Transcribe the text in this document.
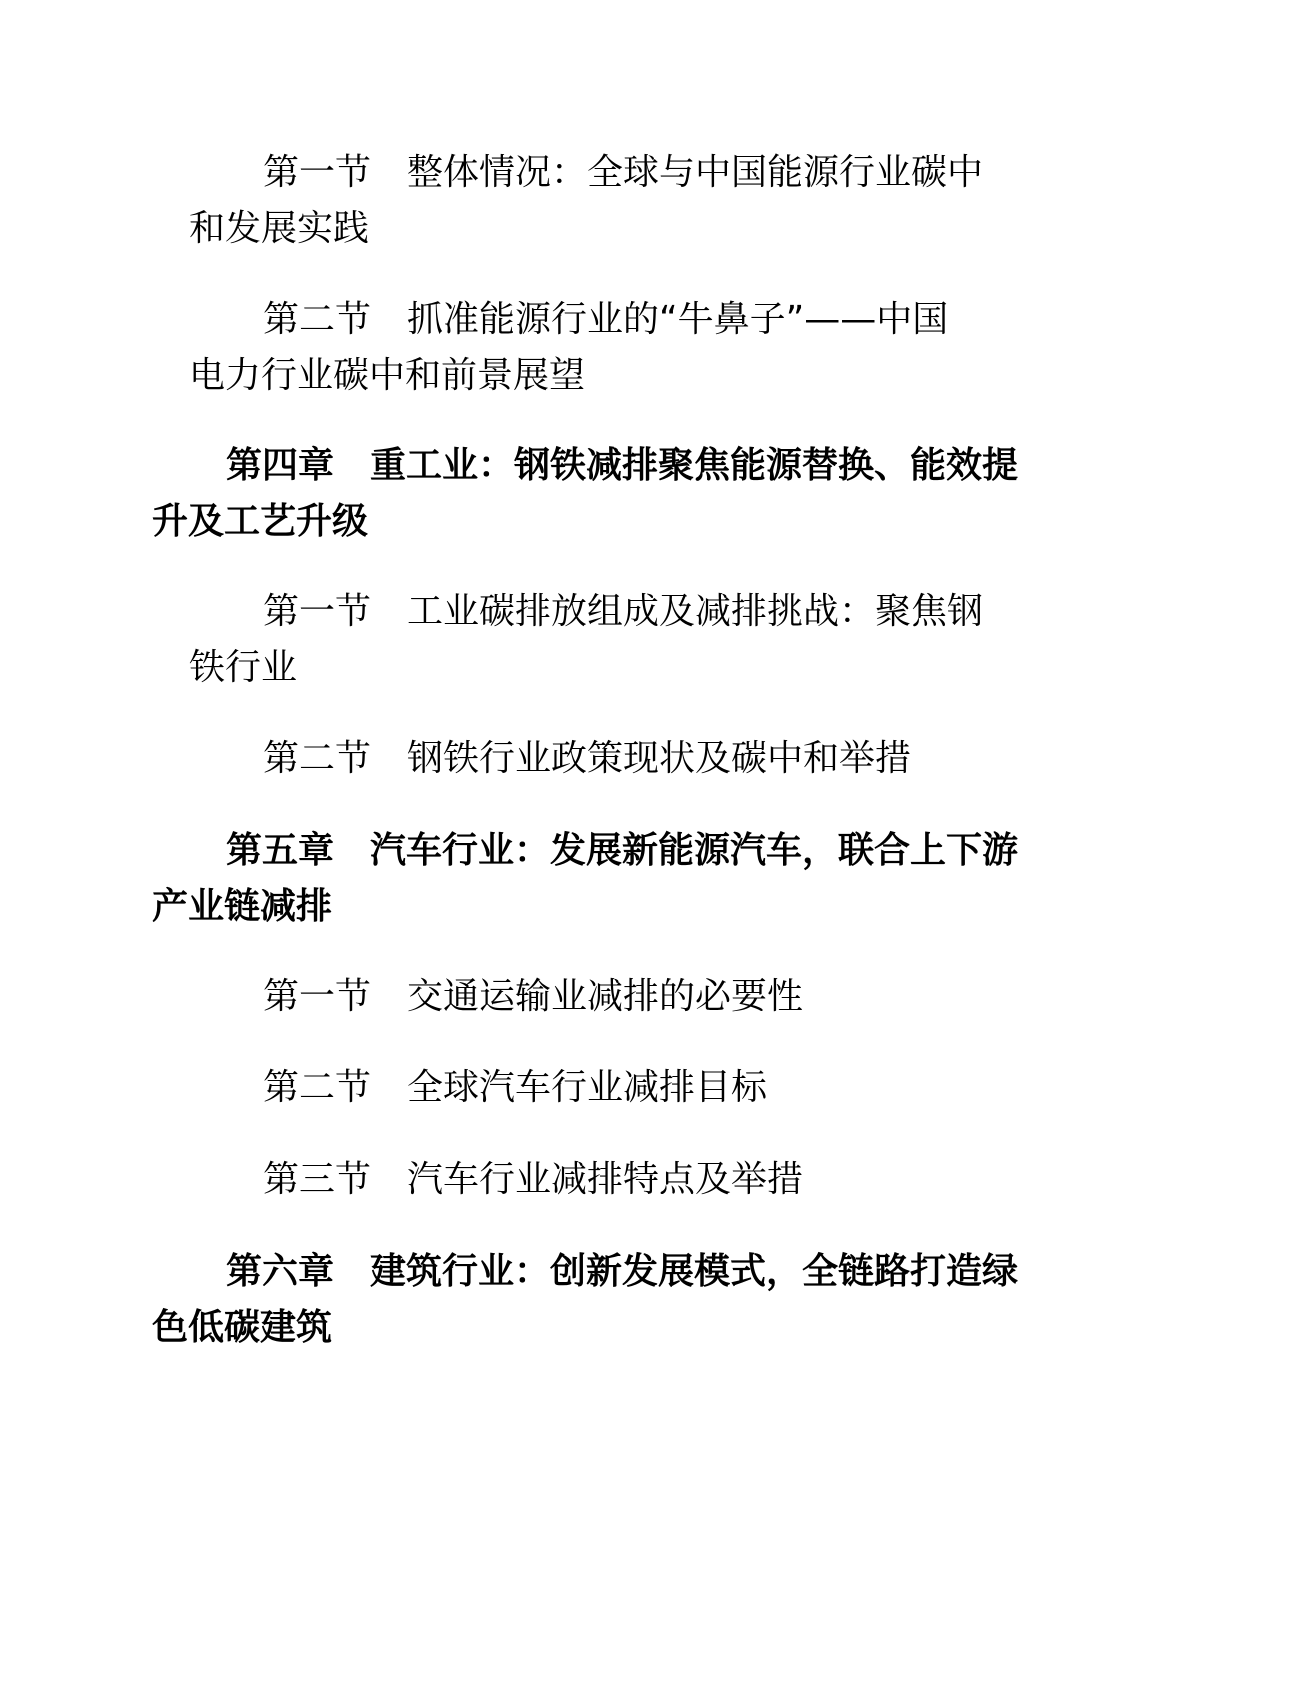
第一节　整体情况：全球与中国能源行业碳中
和发展实践
第二节　抓准能源行业的“牛鼻子”——中国
电力行业碳中和前景展望
第四章　重工业：钢铁减排聚焦能源替换、能效提
升及工艺升级
第一节　工业碳排放组成及减排挑战：聚焦钢
铁行业
第二节　钢铁行业政策现状及碳中和举措
第五章　汽车行业：发展新能源汽车，联合上下游
产业链减排
第一节　交通运输业减排的必要性
第二节　全球汽车行业减排目标
第三节　汽车行业减排特点及举措
第六章　建筑行业：创新发展模式，全链路打造绿
色低碳建筑
